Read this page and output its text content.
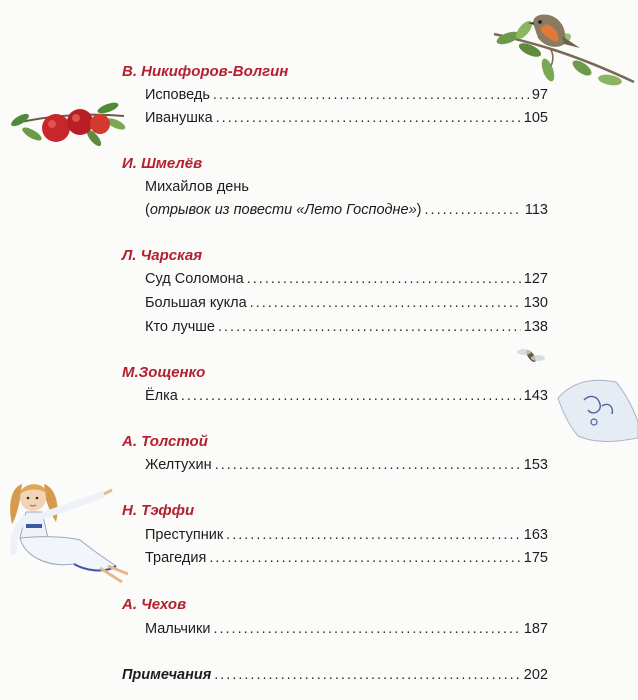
В. Никифоров-Волгин
Исповедь .....	97
Иванушка .....	105
И. Шмелёв
Михайлов день
(отрывок из повести «Лето Господне») .....	113
Л. Чарская
Суд Соломона .....	127
Большая кукла .....	130
Кто лучше .....	138
М.Зощенко
Ёлка .....	143
А. Толстой
Желтухин .....	153
Н. Тэффи
Преступник .....	163
Трагедия .....	175
А. Чехов
Мальчики .....	187
Примечания .....	202
